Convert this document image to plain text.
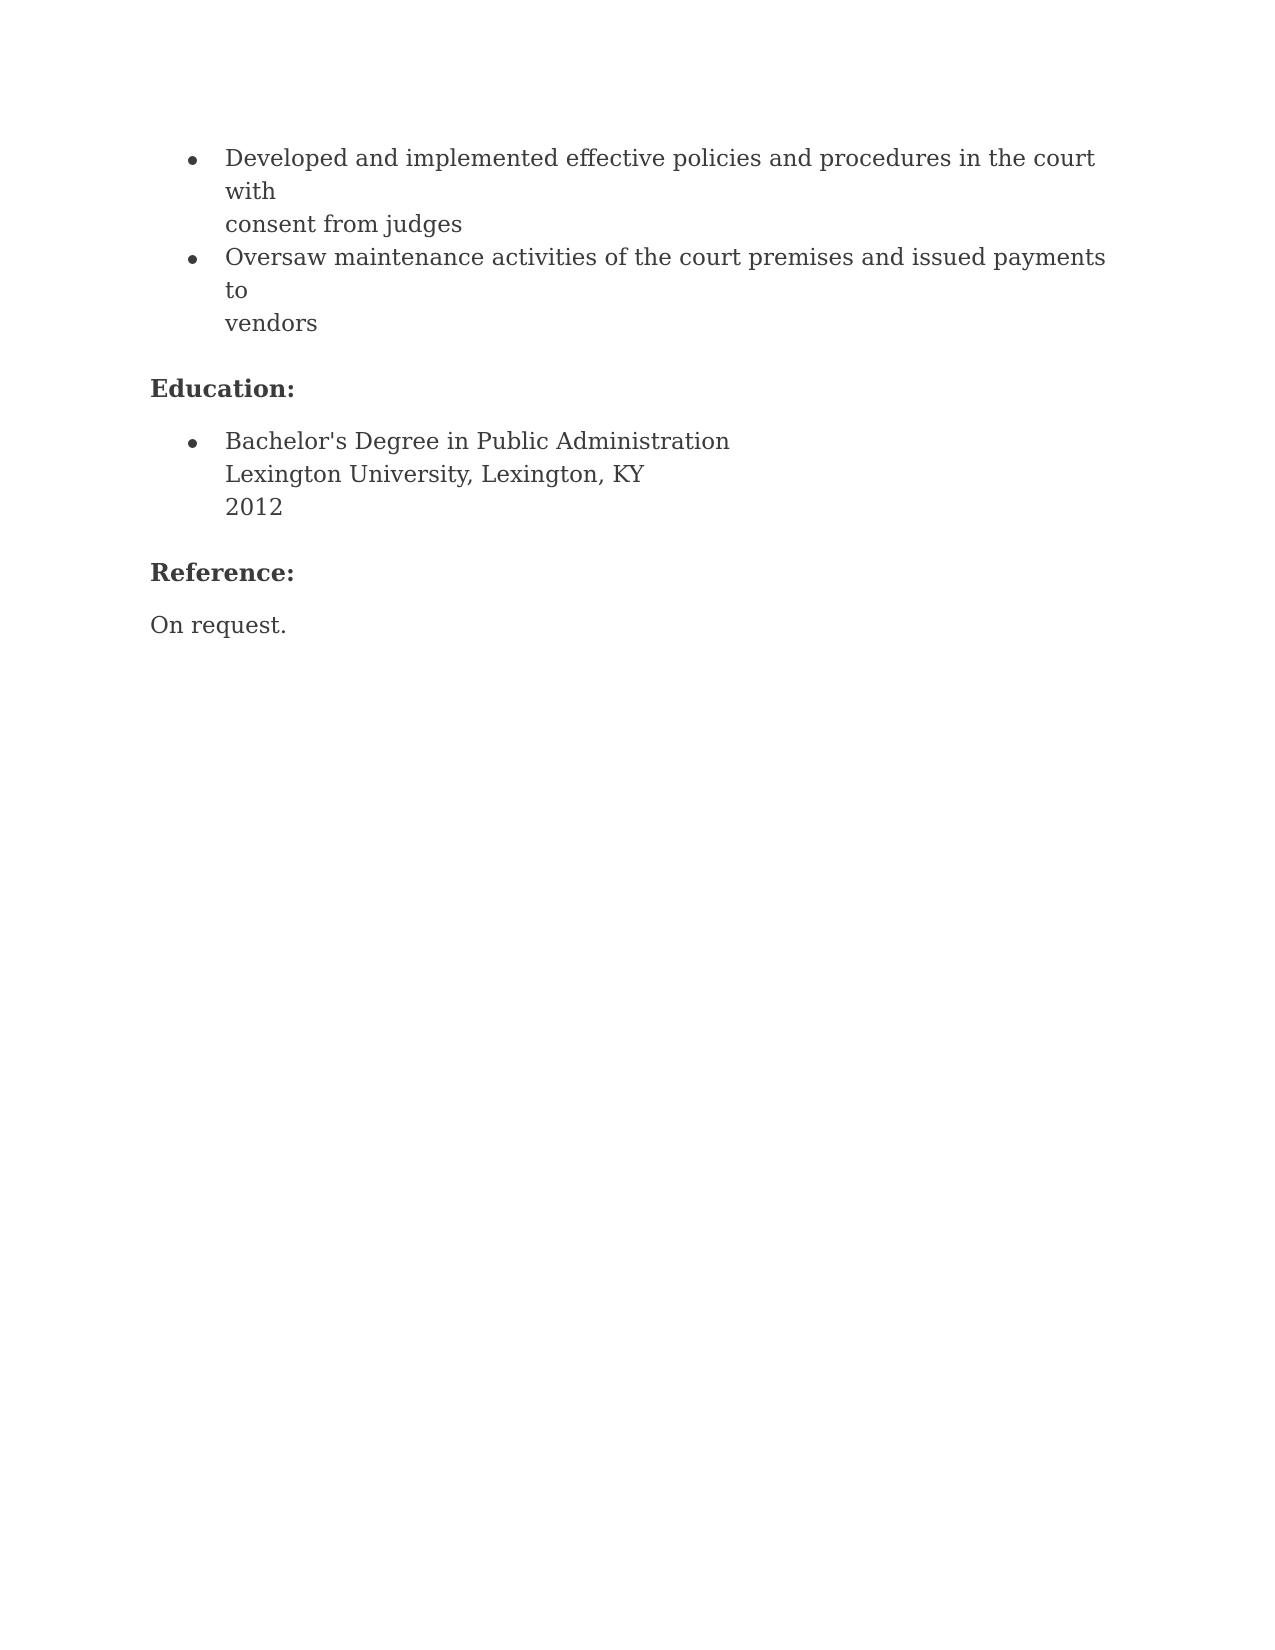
Developed and implemented effective policies and procedures in the court with
consent from judges
Oversaw maintenance activities of the court premises and issued payments to
vendors
Education:
Bachelor's Degree in Public Administration
Lexington University, Lexington, KY
2012
Reference:

On request.
